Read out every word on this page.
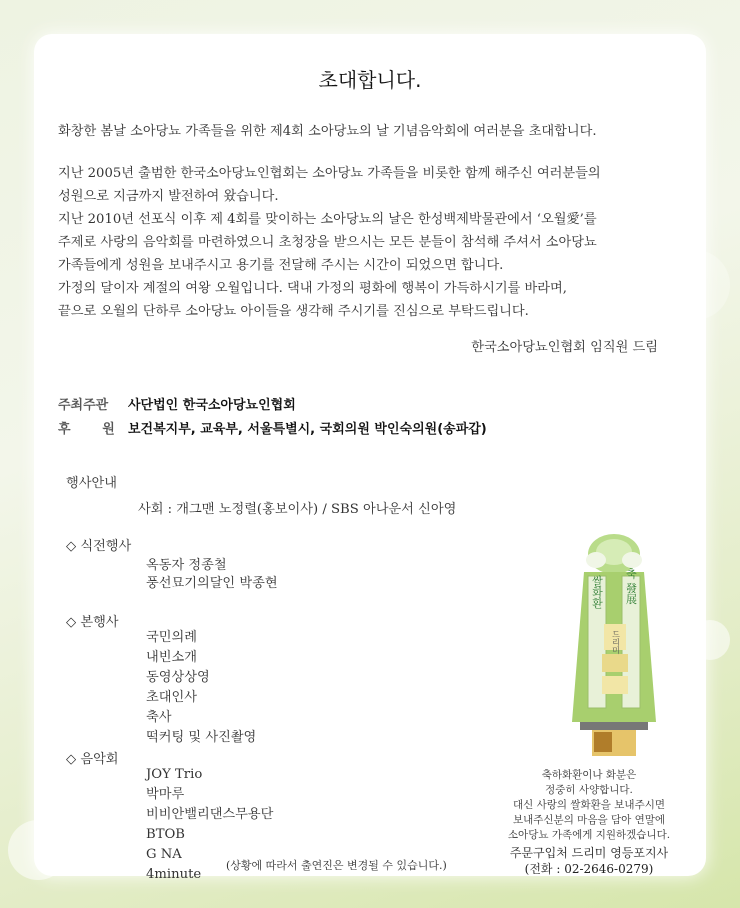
초대합니다.
화창한 봄날 소아당뇨 가족들을 위한 제4회 소아당뇨의 날 기념음악회에 여러분을 초대합니다.
지난 2005년 출범한 한국소아당뇨인협회는 소아당뇨 가족들을 비롯한 함께 해주신 여러분들의
성원으로 지금까지 발전하여 왔습니다.
지난 2010년 선포식 이후 제 4회를 맞이하는 소아당뇨의 날은 한성백제박물관에서 ‘오월愛’를
주제로 사랑의 음악회를 마련하였으니 초청장을 받으시는 모든 분들이 참석해 주셔서 소아당뇨
가족들에게 성원을 보내주시고 용기를 전달해 주시는 시간이 되었으면 합니다.
가정의 달이자 계절의 여왕 오월입니다. 댁내 가정의 평화에 행복이 가득하시기를 바라며,
끝으로 오월의 단하루 소아당뇨 아이들을 생각해 주시기를 진심으로 부탁드립니다.
한국소아당뇨인협회 임직원 드림
주최주관 사단법인 한국소아당뇨인협회
후       원 보건복지부, 교육부, 서울특별시, 국회의원 박인숙의원(송파갑)
행사안내
사회 : 개그맨 노정렬(홍보이사) / SBS 아나운서 신아영
◇ 식전행사
옥동자 정종철
풍선묘기의달인 박종현
◇ 본행사
국민의례
내빈소개
동영상상영
초대인사
축사
떡커팅 및 사진촬영
◇ 음악회
JOY Trio
박마루
비비안밸리댄스무용단
BTOB
G NA
4minute
(상황에 따라서 출연진은 변경될 수 있습니다.)
쌀화환 축 發展
드리미
축하화환이나 화분은
정중히 사양합니다.
대신 사랑의 쌀화환을 보내주시면
보내주신분의 마음을 담아 연말에
소아당뇨 가족에게 지원하겠습니다.
주문구입처 드리미 영등포지사
(전화 : 02-2646-0279)
